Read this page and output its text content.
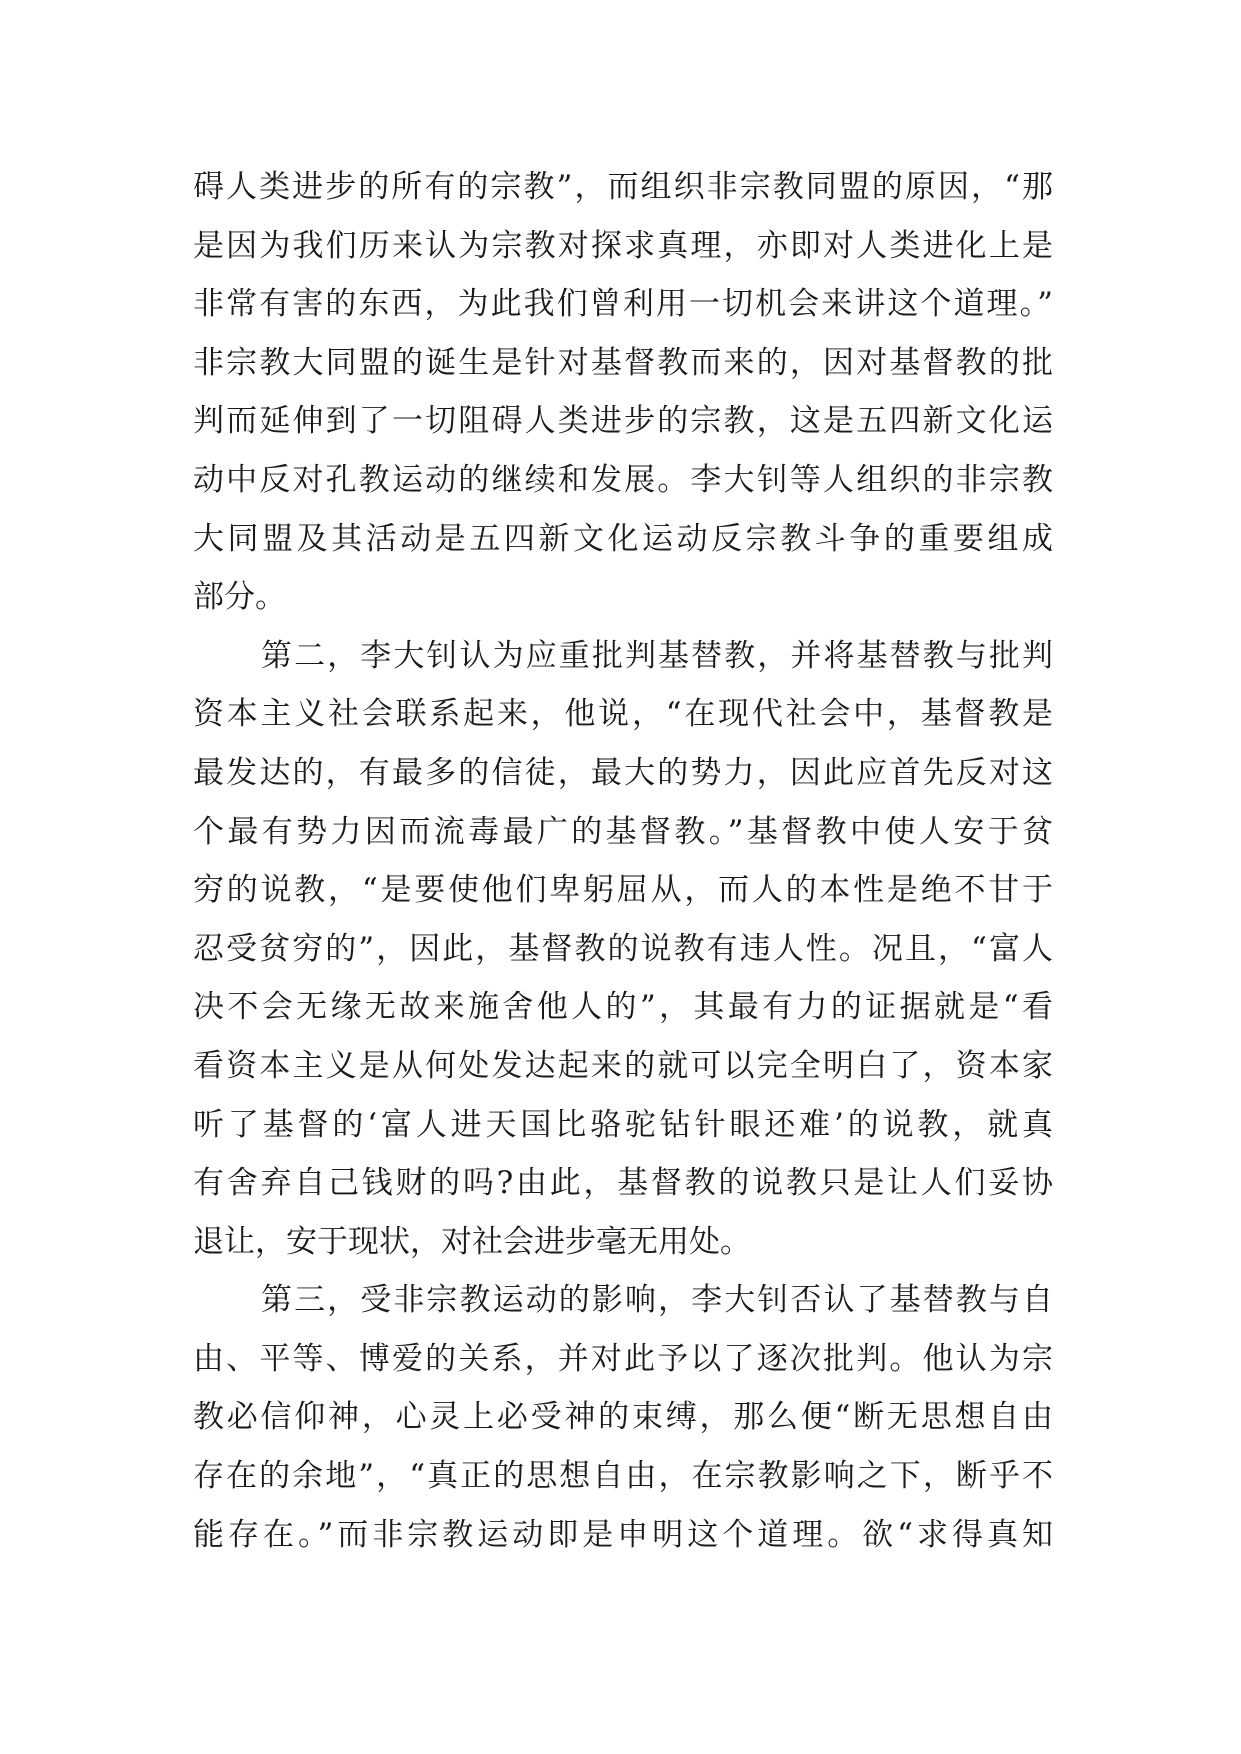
碍人类进步的所有的宗教”，而组织非宗教同盟的原因，“那
是因为我们历来认为宗教对探求真理，亦即对人类进化上是
非常有害的东西，为此我们曾利用一切机会来讲这个道理。”
非宗教大同盟的诞生是针对基督教而来的，因对基督教的批
判而延伸到了一切阻碍人类进步的宗教，这是五四新文化运
动中反对孔教运动的继续和发展。李大钊等人组织的非宗教
大同盟及其活动是五四新文化运动反宗教斗争的重要组成
部分。
第二，李大钊认为应重批判基替教，并将基替教与批判
资本主义社会联系起来，他说，“在现代社会中，基督教是
最发达的，有最多的信徒，最大的势力，因此应首先反对这
个最有势力因而流毒最广的基督教。”基督教中使人安于贫
穷的说教，“是要使他们卑躬屈从，而人的本性是绝不甘于
忍受贫穷的”，因此，基督教的说教有违人性。况且，“富人
决不会无缘无故来施舍他人的”，其最有力的证据就是“看
看资本主义是从何处发达起来的就可以完全明白了，资本家
听了基督的‘富人进天国比骆驼钻针眼还难’的说教，就真
有舍弃自己钱财的吗?由此，基督教的说教只是让人们妥协
退让，安于现状，对社会进步毫无用处。
第三，受非宗教运动的影响，李大钊否认了基替教与自
由、平等、博爱的关系，并对此予以了逐次批判。他认为宗
教必信仰神，心灵上必受神的束缚，那么便“断无思想自由
存在的余地”，“真正的思想自由，在宗教影响之下，断乎不
能存在。”而非宗教运动即是申明这个道理。欲“求得真知
